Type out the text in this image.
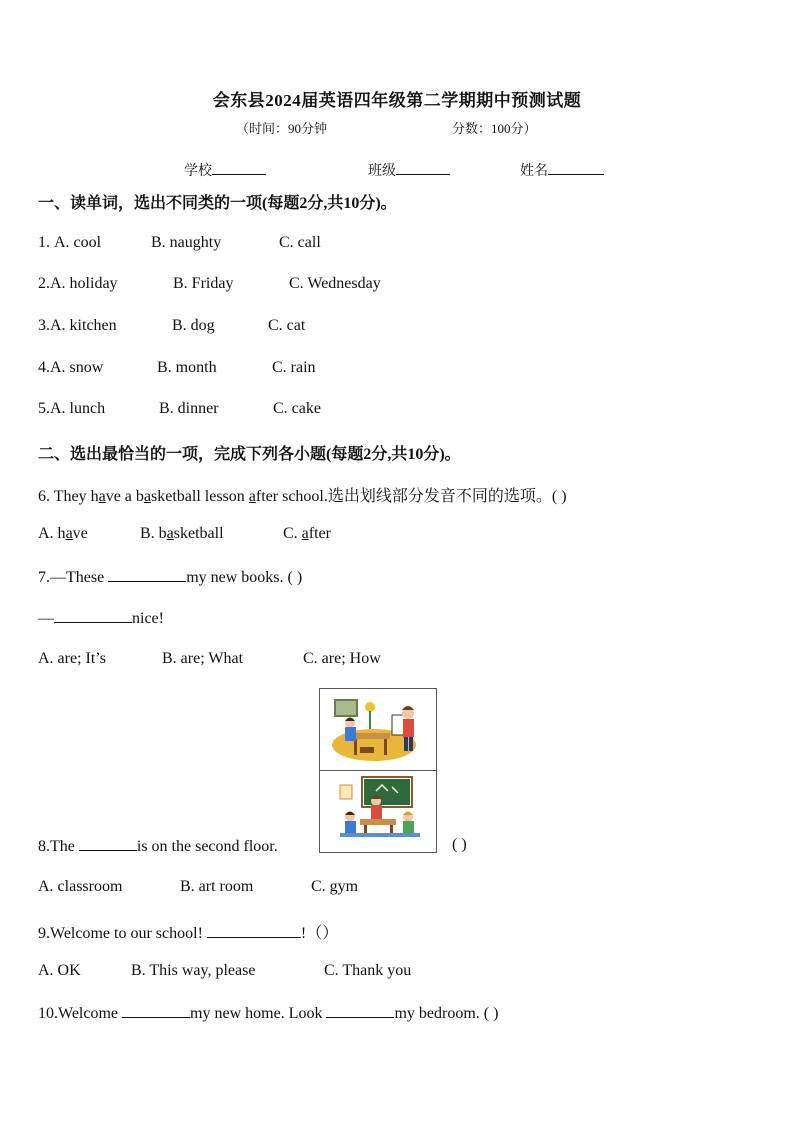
会东县2024届英语四年级第二学期期中预测试题
（时间：90分钟	分数：100分）
学校	班级	姓名
一、读单词，选出不同类的一项(每题2分,共10分)。
1. A. cool	B. naughty	C. call
2.A. holiday	B. Friday	C. Wednesday
3.A. kitchen	B. dog	C. cat
4.A. snow	B. month	C. rain
5.A. lunch	B. dinner	C. cake
二、选出最恰当的一项，完成下列各小题(每题2分,共10分)。
6. They have a basketball lesson after school.选出划线部分发音不同的选项。( )
A. have	B. basketball	C. after
7.—These	my new books. ( )
—	nice!
A. are; It’s	B. are; What	C. are; How
8.The	is on the second floor.	( )
A. classroom	B. art room	C. gym
9.Welcome to our school!	!（）
A. OK	B. This way, please	C. Thank you
10.Welcome	my new home. Look	my bedroom. ( )
